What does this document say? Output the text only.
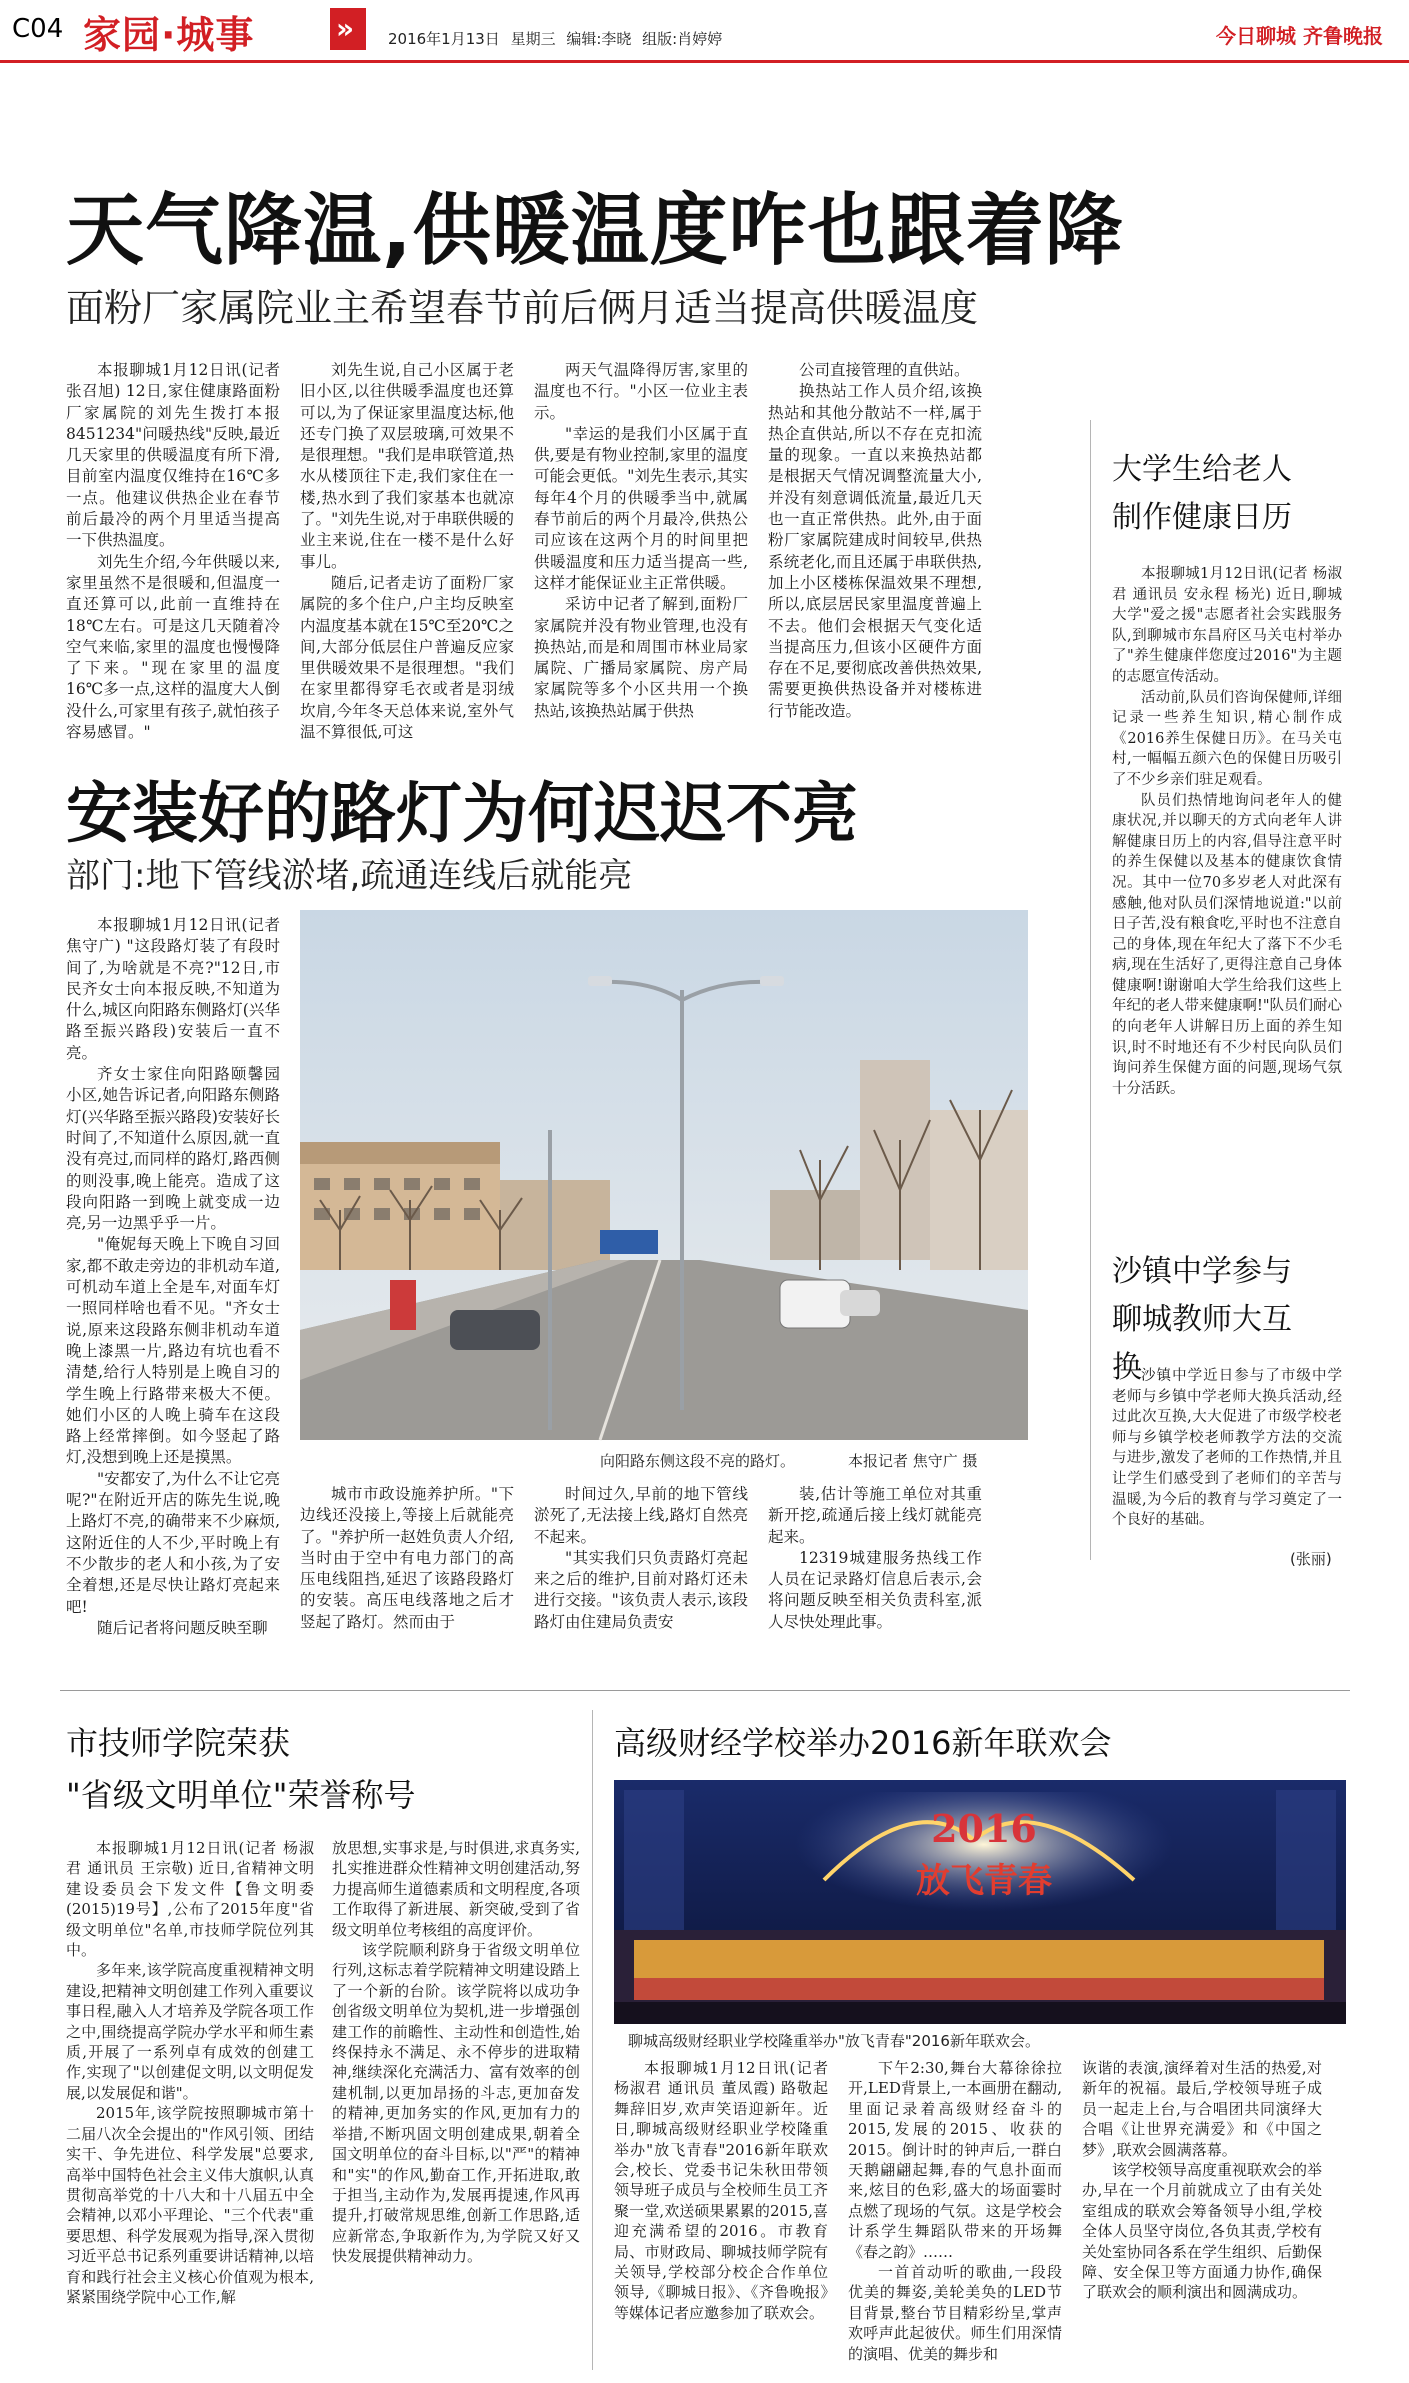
C04 家园·城事	» 2016年1月13日 星期三 编辑:李晓 组版:肖婷婷	今日聊城 齐鲁晚报
天气降温,供暖温度咋也跟着降
面粉厂家属院业主希望春节前后俩月适当提高供暖温度

本报聊城1月12日讯(记者 张召旭) 12日,家住健康路面粉厂家属院的刘先生拨打本报8451234"问暖热线"反映,最近几天家里的供暖温度有所下滑,目前室内温度仅维持在16℃多一点。他建议供热企业在春节前后最冷的两个月里适当提高一下供热温度。

刘先生介绍,今年供暖以来,家里虽然不是很暖和,但温度一直还算可以,此前一直维持在18℃左右。可是这几天随着冷空气来临,家里的温度也慢慢降了下来。"现在家里的温度16℃多一点,这样的温度大人倒没什么,可家里有孩子,就怕孩子容易感冒。"

刘先生说,自己小区属于老旧小区,以往供暖季温度也还算可以,为了保证家里温度达标,他还专门换了双层玻璃,可效果不是很理想。"我们是串联管道,热水从楼顶往下走,我们家住在一楼,热水到了我们家基本也就凉了。"刘先生说,对于串联供暖的业主来说,住在一楼不是什么好事儿。

随后,记者走访了面粉厂家属院的多个住户,户主均反映室内温度基本就在15℃至20℃之间,大部分低层住户普遍反应家里供暖效果不是很理想。"我们在家里都得穿毛衣或者是羽绒坎肩,今年冬天总体来说,室外气温不算很低,可这

两天气温降得厉害,家里的温度也不行。"小区一位业主表示。

"幸运的是我们小区属于直供,要是有物业控制,家里的温度可能会更低。"刘先生表示,其实每年4个月的供暖季当中,就属春节前后的两个月最冷,供热公司应该在这两个月的时间里把供暖温度和压力适当提高一些,这样才能保证业主正常供暖。

采访中记者了解到,面粉厂家属院并没有物业管理,也没有换热站,而是和周围市林业局家属院、广播局家属院、房产局家属院等多个小区共用一个换热站,该换热站属于供热

公司直接管理的直供站。

换热站工作人员介绍,该换热站和其他分散站不一样,属于热企直供站,所以不存在克扣流量的现象。一直以来换热站都是根据天气情况调整流量大小,并没有刻意调低流量,最近几天也一直正常供热。此外,由于面粉厂家属院建成时间较早,供热系统老化,而且还属于串联供热,加上小区楼栋保温效果不理想,所以,底层居民家里温度普遍上不去。他们会根据天气变化适当提高压力,但该小区硬件方面存在不足,要彻底改善供热效果,需要更换供热设备并对楼栋进行节能改造。

大学生给老人制作健康日历

本报聊城1月12日讯(记者 杨淑君 通讯员 安永程 杨光) 近日,聊城大学"爱之援"志愿者社会实践服务队,到聊城市东昌府区马关屯村举办了"养生健康伴您度过2016"为主题的志愿宣传活动。

活动前,队员们咨询保健师,详细记录一些养生知识,精心制作成《2016养生保健日历》。在马关屯村,一幅幅五颜六色的保健日历吸引了不少乡亲们驻足观看。

队员们热情地询问老年人的健康状况,并以聊天的方式向老年人讲解健康日历上的内容,倡导注意平时的养生保健以及基本的健康饮食情况。其中一位70多岁老人对此深有感触,他对队员们深情地说道:"以前日子苦,没有粮食吃,平时也不注意自己的身体,现在年纪大了落下不少毛病,现在生活好了,更得注意自己身体健康啊!谢谢咱大学生给我们这些上年纪的老人带来健康啊!"队员们耐心的向老年人讲解日历上面的养生知识,时不时地还有不少村民向队员们询问养生保健方面的问题,现场气氛十分活跃。

沙镇中学参与聊城教师大互换 沙镇中学近日参与了市级中学老师与乡镇中学老师大换兵活动,经过此次互换,大大促进了市级学校老师与乡镇学校老师教学方法的交流与进步,激发了老师的工作热情,并且让学生们感受到了老师们的辛苦与温暖,为今后的教育与学习奠定了一个良好的基础。

(张丽)
安装好的路灯为何迟迟不亮
部门:地下管线淤堵,疏通连线后就能亮

本报聊城1月12日讯(记者 焦守广) "这段路灯装了有段时间了,为啥就是不亮?"12日,市民齐女士向本报反映,不知道为什么,城区向阳路东侧路灯(兴华路至振兴路段)安装后一直不亮。

齐女士家住向阳路颐馨园小区,她告诉记者,向阳路东侧路灯(兴华路至振兴路段)安装好长时间了,不知道什么原因,就一直没有亮过,而同样的路灯,路西侧的则没事,晚上能亮。造成了这段向阳路一到晚上就变成一边亮,另一边黑乎乎一片。

"俺妮每天晚上下晚自习回家,都不敢走旁边的非机动车道,可机动车道上全是车,对面车灯一照同样啥也看不见。"齐女士说,原来这段路东侧非机动车道晚上漆黑一片,路边有坑也看不清楚,给行人特别是上晚自习的学生晚上行路带来极大不便。她们小区的人晚上骑车在这段路上经常摔倒。如今竖起了路灯,没想到晚上还是摸黑。

"安都安了,为什么不让它亮呢?"在附近开店的陈先生说,晚上路灯不亮,的确带来不少麻烦,这附近住的人不少,平时晚上有不少散步的老人和小孩,为了安全着想,还是尽快让路灯亮起来吧!

随后记者将问题反映至聊

向阳路东侧这段不亮的路灯。	本报记者 焦守广 摄

城市市政设施养护所。"下边线还没接上,等接上后就能亮了。"养护所一赵姓负责人介绍,当时由于空中有电力部门的高压电线阻挡,延迟了该路段路灯的安装。高压电线落地之后才竖起了路灯。然而由于

时间过久,早前的地下管线淤死了,无法接上线,路灯自然亮不起来。

"其实我们只负责路灯亮起来之后的维护,目前对路灯还未进行交接。"该负责人表示,该段路灯由住建局负责安

装,估计等施工单位对其重新开挖,疏通后接上线灯就能亮起来。

12319城建服务热线工作人员在记录路灯信息后表示,会将问题反映至相关负责科室,派人尽快处理此事。

市技师学院荣获
"省级文明单位"荣誉称号

本报聊城1月12日讯(记者 杨淑君 通讯员 王宗敬) 近日,省精神文明建设委员会下发文件【鲁文明委(2015)19号】,公布了2015年度"省级文明单位"名单,市技师学院位列其中。

多年来,该学院高度重视精神文明建设,把精神文明创建工作列入重要议事日程,融入人才培养及学院各项工作之中,围绕提高学院办学水平和师生素质,开展了一系列卓有成效的创建工作,实现了"以创建促文明,以文明促发展,以发展促和谐"。

2015年,该学院按照聊城市第十二届八次全会提出的"作风引领、团结实干、争先进位、科学发展"总要求,高举中国特色社会主义伟大旗帜,认真贯彻高举党的十八大和十八届五中全会精神,以邓小平理论、"三个代表"重要思想、科学发展观为指导,深入贯彻习近平总书记系列重要讲话精神,以培育和践行社会主义核心价值观为根本,紧紧围绕学院中心工作,解

放思想,实事求是,与时俱进,求真务实,扎实推进群众性精神文明创建活动,努力提高师生道德素质和文明程度,各项工作取得了新进展、新突破,受到了省级文明单位考核组的高度评价。

该学院顺利跻身于省级文明单位行列,这标志着学院精神文明建设踏上了一个新的台阶。该学院将以成功争创省级文明单位为契机,进一步增强创建工作的前瞻性、主动性和创造性,始终保持永不满足、永不停步的进取精神,继续深化充满活力、富有效率的创建机制,以更加昂扬的斗志,更加奋发的精神,更加务实的作风,更加有力的举措,不断巩固文明创建成果,朝着全国文明单位的奋斗目标,以"严"的精神和"实"的作风,勤奋工作,开拓进取,敢于担当,主动作为,发展再提速,作风再提升,打破常规思维,创新工作思路,适应新常态,争取新作为,为学院又好又快发展提供精神动力。

高级财经学校举办2016新年联欢会
2016
放飞青春
聊城高级财经职业学校隆重举办"放飞青春"2016新年联欢会。

本报聊城1月12日讯(记者 杨淑君 通讯员 董凤霞) 路敬起舞辞旧岁,欢声笑语迎新年。近日,聊城高级财经职业学校隆重举办"放飞青春"2016新年联欢会,校长、党委书记朱秋田带领领导班子成员与全校师生员工齐聚一堂,欢送硕果累累的2015,喜迎充满希望的2016。市教育局、市财政局、聊城技师学院有关领导,学校部分校企合作单位领导,《聊城日报》、《齐鲁晚报》等媒体记者应邀参加了联欢会。

下午2:30,舞台大幕徐徐拉开,LED背景上,一本画册在翻动,里面记录着高级财经奋斗的2015,发展的2015、收获的2015。倒计时的钟声后,一群白天鹅翩翩起舞,春的气息扑面而来,炫目的色彩,盛大的场面霎时点燃了现场的气氛。这是学校会计系学生舞蹈队带来的开场舞《春之韵》……

一首首动听的歌曲,一段段优美的舞姿,美轮美奂的LED节目背景,整台节目精彩纷呈,掌声欢呼声此起彼伏。师生们用深情的演唱、优美的舞步和

诙谐的表演,演绎着对生活的热爱,对新年的祝福。最后,学校领导班子成员一起走上台,与合唱团共同演绎大合唱《让世界充满爱》和《中国之梦》,联欢会圆满落幕。

该学校领导高度重视联欢会的举办,早在一个月前就成立了由有关处室组成的联欢会筹备领导小组,学校全体人员坚守岗位,各负其责,学校有关处室协同各系在学生组织、后勤保障、安全保卫等方面通力协作,确保了联欢会的顺利演出和圆满成功。
